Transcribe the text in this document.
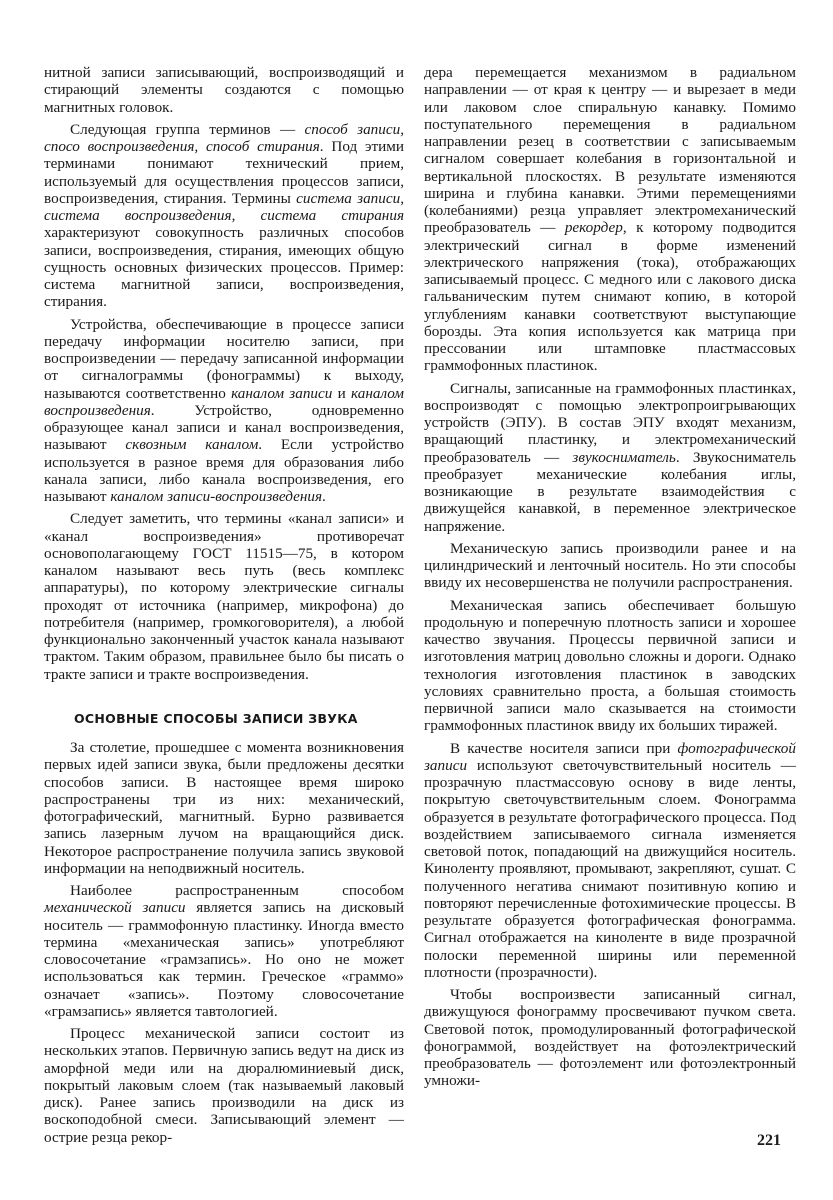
нитной записи записывающий, воспроизводящий и стирающий элементы создаются с помощью магнитных головок.

Следующая группа терминов — способ записи, спосо воспроизведения, способ стирания. Под этими терминами понимают технический прием, используемый для осуществления процессов записи, воспроизведения, стирания. Термины система записи, система воспроизведения, система стирания характеризуют совокупность различных способов записи, воспроизведения, стирания, имеющих общую сущность основных физических процессов. Пример: система магнитной записи, воспроизведения, стирания.

Устройства, обеспечивающие в процессе записи передачу информации носителю записи, при воспроизведении — передачу записанной информации от сигналограммы (фонограммы) к выходу, называются соответственно каналом записи и каналом воспроизведения. Устройство, одновременно образующее канал записи и канал воспроизведения, называют сквозным каналом. Если устройство используется в разное время для образования либо канала записи, либо канала воспроизведения, его называют каналом записи-воспроизведения.

Следует заметить, что термины «канал записи» и «канал воспроизведения» противоречат основополагающему ГОСТ 11515—75, в котором каналом называют весь путь (весь комплекс аппаратуры), по которому электрические сигналы проходят от источника (например, микрофона) до потребителя (например, громкоговорителя), а любой функционально законченный участок канала называют трактом. Таким образом, правильнее было бы писать о тракте записи и тракте воспроизведения.

ОСНОВНЫЕ СПОСОБЫ ЗАПИСИ ЗВУКА

За столетие, прошедшее с момента возникновения первых идей записи звука, были предложены десятки способов записи. В настоящее время широко распространены три из них: механический, фотографический, магнитный. Бурно развивается запись лазерным лучом на вращающийся диск. Некоторое распространение получила запись звуковой информации на неподвижный носитель.

Наиболее распространенным способом механической записи является запись на дисковый носитель — граммофонную пластинку. Иногда вместо термина «механическая запись» употребляют словосочетание «грамзапись». Но оно не может использоваться как термин. Греческое «граммо» означает «запись». Поэтому словосочетание «грамзапись» является тавтологией.

Процесс механической записи состоит из нескольких этапов. Первичную запись ведут на диск из аморфной меди или на дюралюминиевый диск, покрытый лаковым слоем (так называемый лаковый диск). Ранее запись производили на диск из воскоподобной смеси. Записывающий элемент — острие резца рекор-

дера перемещается механизмом в радиальном направлении — от края к центру — и вырезает в меди или лаковом слое спиральную канавку. Помимо поступательного перемещения в радиальном направлении резец в соответствии с записываемым сигналом совершает колебания в горизонтальной и вертикальной плоскостях. В результате изменяются ширина и глубина канавки. Этими перемещениями (колебаниями) резца управляет электромеханический преобразователь — рекордер, к которому подводится электрический сигнал в форме изменений электрического напряжения (тока), отображающих записываемый процесс. С медного или с лакового диска гальваническим путем снимают копию, в которой углублениям канавки соответствуют выступающие борозды. Эта копия используется как матрица при прессовании или штамповке пластмассовых граммофонных пластинок.

Сигналы, записанные на граммофонных пластинках, воспроизводят с помощью электропроигрывающих устройств (ЭПУ). В состав ЭПУ входят механизм, вращающий пластинку, и электромеханический преобразователь — звукосниматель. Звукосниматель преобразует механические колебания иглы, возникающие в результате взаимодействия с движущейся канавкой, в переменное электрическое напряжение.

Механическую запись производили ранее и на цилиндрический и ленточный носитель. Но эти способы ввиду их несовершенства не получили распространения.

Механическая запись обеспечивает большую продольную и поперечную плотность записи и хорошее качество звучания. Процессы первичной записи и изготовления матриц довольно сложны и дороги. Однако технология изготовления пластинок в заводских условиях сравнительно проста, а большая стоимость первичной записи мало сказывается на стоимости граммофонных пластинок ввиду их больших тиражей.

В качестве носителя записи при фотографической записи используют светочувствительный носитель — прозрачную пластмассовую основу в виде ленты, покрытую светочувствительным слоем. Фонограмма образуется в результате фотографического процесса. Под воздействием записываемого сигнала изменяется световой поток, попадающий на движущийся носитель. Киноленту проявляют, промывают, закрепляют, сушат. С полученного негатива снимают позитивную копию и повторяют перечисленные фотохимические процессы. В результате образуется фотографическая фонограмма. Сигнал отображается на киноленте в виде прозрачной полоски переменной ширины или переменной плотности (прозрачности).

Чтобы воспроизвести записанный сигнал, движущуюся фонограмму просвечивают пучком света. Световой поток, промодулированный фотографической фонограммой, воздействует на фотоэлектрический преобразователь — фотоэлемент или фотоэлектронный умножи-

221
